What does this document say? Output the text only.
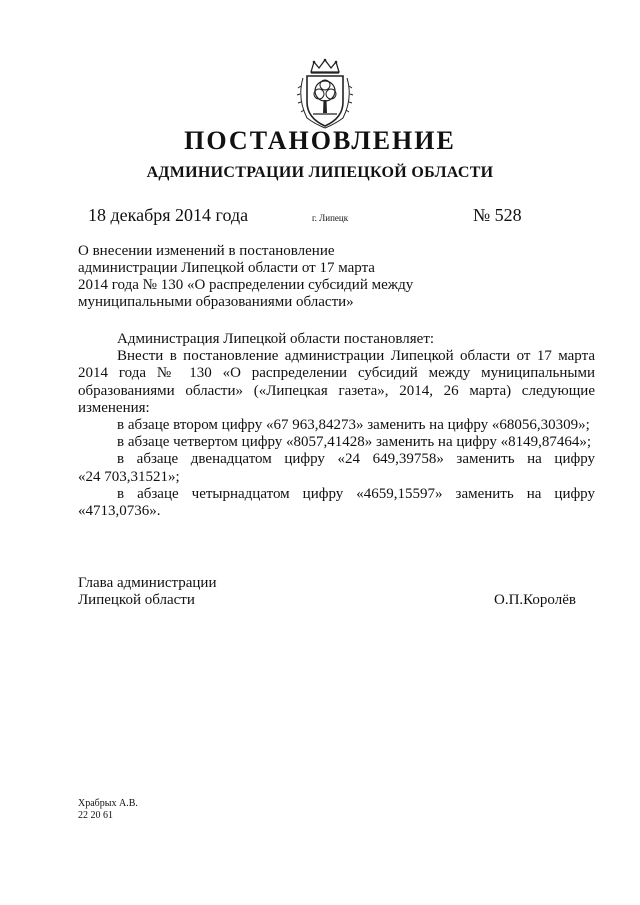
ПОСТАНОВЛЕНИЕ
АДМИНИСТРАЦИИ ЛИПЕЦКОЙ ОБЛАСТИ
18 декабря 2014 года	г. Липецк	№ 528
О внесении изменений в постановление
администрации Липецкой области от 17 марта
2014 года № 130 «О распределении субсидий между
муниципальными образованиями области»
Администрация Липецкой области постановляет:
Внести в постановление администрации Липецкой области от 17 марта
2014 года № 130 «О распределении субсидий между муниципальными
образованиями области» («Липецкая газета», 2014, 26 марта) следующие
изменения:
в абзаце втором цифру «67 963,84273» заменить на цифру «68056,30309»;
в абзаце четвертом цифру «8057,41428» заменить на цифру «8149,87464»;
в абзаце двенадцатом цифру «24 649,39758» заменить на цифру
«24 703,31521»;
в абзаце четырнадцатом цифру «4659,15597» заменить на цифру
«4713,0736».
Глава администрации
Липецкой области	О.П.Королёв
Храбрых А.В.
22 20 61
